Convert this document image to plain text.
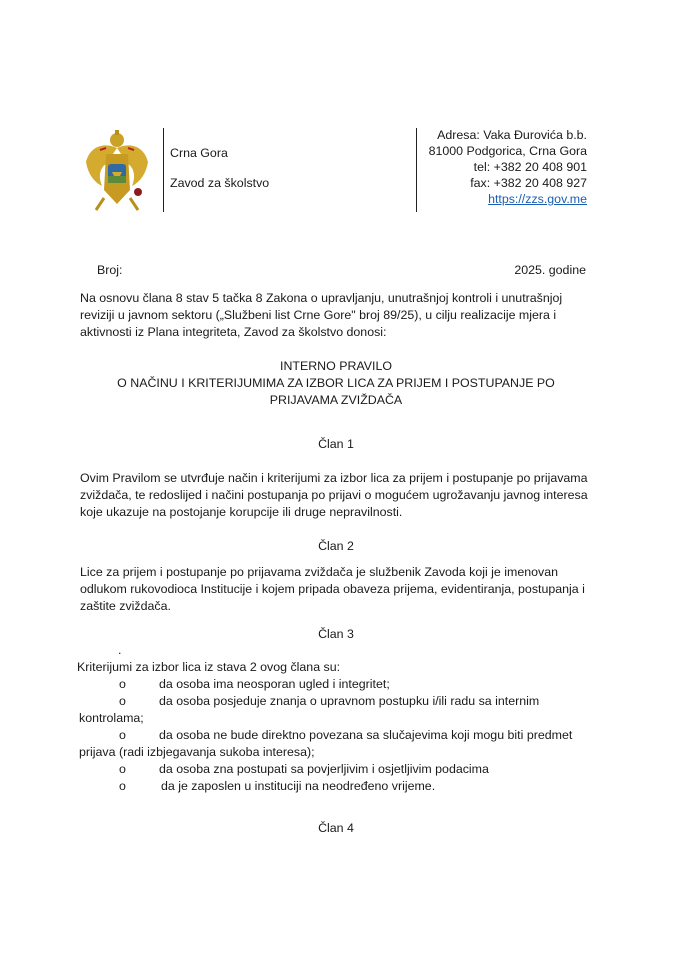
Crna Gora
Zavod za školstvo
Adresa: Vaka Đurovića b.b.
81000 Podgorica, Crna Gora
tel: +382 20 408 901
fax: +382 20 408 927
https://zzs.gov.me
Broj:	2025. godine
Na osnovu člana 8 stav 5 tačka 8 Zakona o upravljanju, unutrašnjoj kontroli i unutrašnjoj
reviziji u javnom sektoru („Službeni list Crne Gore" broj 89/25), u cilju realizacije mjera i
aktivnosti iz Plana integriteta, Zavod za školstvo donosi:
INTERNO PRAVILO
O NAČINU I KRITERIJUMIMA ZA IZBOR LICA ZA PRIJEM I POSTUPANJE PO
PRIJAVAMA ZVIŽDAČA
Član 1
Ovim Pravilom se utvrđuje način i kriterijumi za izbor lica za prijem i postupanje po prijavama
zviždača, te redoslijed i načini postupanja po prijavi o mogućem ugrožavanju javnog interesa
koje ukazuje na postojanje korupcije ili druge nepravilnosti.
Član 2
Lice za prijem i postupanje po prijavama zviždača je službenik Zavoda koji je imenovan
odlukom rukovodioca Institucije i kojem pripada obaveza prijema, evidentiranja, postupanja i
zaštite zviždača.
Član 3
.
Kriterijumi za izbor lica iz stava 2 ovog člana su:
o	da osoba ima neosporan ugled i integritet;
o	da osoba posjeduje znanja o upravnom postupku i/ili radu sa internim
kontrolama;
o	da osoba ne bude direktno povezana sa slučajevima koji mogu biti predmet
prijava (radi izbjegavanja sukoba interesa);
o	da osoba zna postupati sa povjerljivim i osjetljivim podacima
o	da je zaposlen u instituciji na neodređeno vrijeme.
Član 4
